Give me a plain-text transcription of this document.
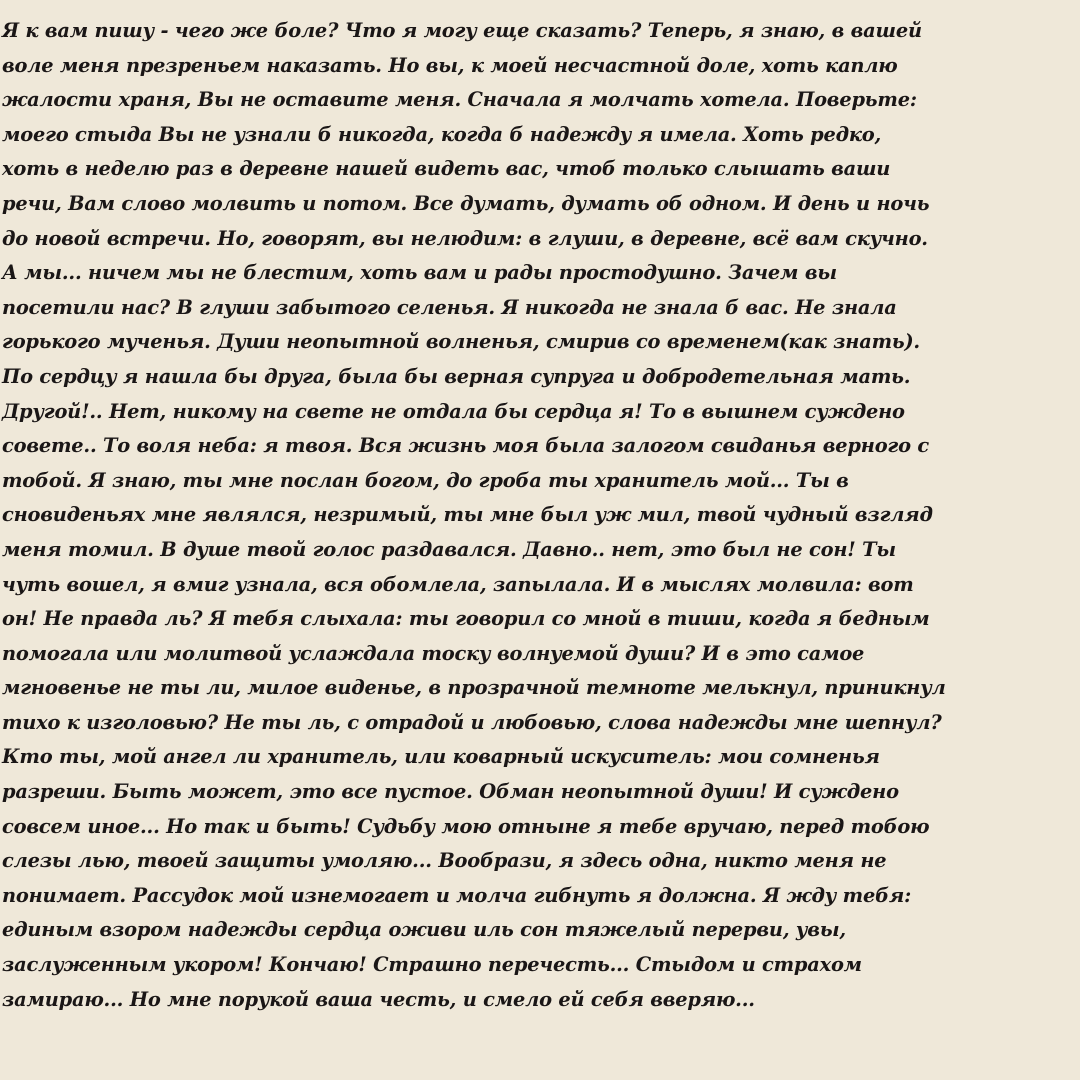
Я к вам пишу - чего же боле? Что я могу еще сказать? Теперь, я знаю, в вашей
воле меня презреньем наказать. Но вы, к моей несчастной доле, хоть каплю
жалости храня, Вы не оставите меня. Сначала я молчать хотела. Поверьте:
моего стыда Вы не узнали б никогда, когда б надежду я имела. Хоть редко,
хоть в неделю раз в деревне нашей видеть вас, чтоб только слышать ваши
речи, Вам слово молвить и потом. Все думать, думать об одном. И день и ночь
до новой встречи. Но, говорят, вы нелюдим: в глуши, в деревне, всё вам скучно.
А мы... ничем мы не блестим, хоть вам и рады простодушно. Зачем вы
посетили нас? В глуши забытого селенья. Я никогда не знала б вас. Не знала
горького мученья. Души неопытной волненья, смирив со временем(как знать).
По сердцу я нашла бы друга, была бы верная супруга и добродетельная мать.
Другой!.. Нет, никому на свете не отдала бы сердца я! То в вышнем суждено
совете.. То воля неба: я твоя. Вся жизнь моя была залогом свиданья верного с
тобой. Я знаю, ты мне послан богом, до гроба ты хранитель мой... Ты в
сновиденьях мне являлся, незримый, ты мне был уж мил, твой чудный взгляд
меня томил. В душе твой голос раздавался. Давно.. нет, это был не сон! Ты
чуть вошел, я вмиг узнала, вся обомлела, запылала. И в мыслях молвила: вот
он! Не правда ль? Я тебя слыхала: ты говорил со мной в тиши, когда я бедным
помогала или молитвой услаждала тоску волнуемой души? И в это самое
мгновенье не ты ли, милое виденье, в прозрачной темноте мелькнул, приникнул
тихо к изголовью? Не ты ль, с отрадой и любовью, слова надежды мне шепнул?
Кто ты, мой ангел ли хранитель, или коварный искуситель: мои сомненья
разреши. Быть может, это все пустое. Обман неопытной души! И суждено
совсем иное... Но так и быть! Судьбу мою отныне я тебе вручаю, перед тобою
слезы лью, твоей защиты умоляю... Вообрази, я здесь одна, никто меня не
понимает. Рассудок мой изнемогает и молча гибнуть я должна. Я жду тебя:
единым взором надежды сердца оживи иль сон тяжелый перерви, увы,
заслуженным укором! Кончаю! Страшно перечесть... Стыдом и страхом
замираю... Но мне порукой ваша честь, и смело ей себя вверяю...
